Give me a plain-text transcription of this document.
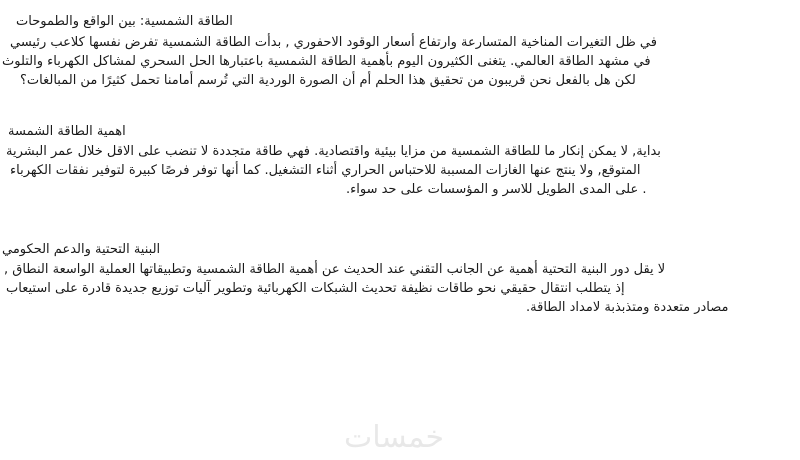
الطاقة الشمسية: بين الواقع والطموحات
في ظل التغيرات المناخية المتسارعة وارتفاع أسعار الوقود الاحفوري , بدأت الطاقة الشمسية تفرض نفسها كلاعب رئيسي
في مشهد الطاقة العالمي. يتغنى الكثيرون اليوم بأهمية الطاقة الشمسية باعتبارها الحل السحري لمشاكل الكهرباء والتلوث
لكن هل بالفعل نحن قريبون من تحقيق هذا الحلم أم أن الصورة الوردية التي تُرسم أمامنا تحمل كثيرًا من المبالغات؟
اهمية الطاقة الشمسة
بداية, لا يمكن إنكار ما للطاقة الشمسية من مزايا بيئية واقتصادية. فهي طاقة متجددة لا تنضب على الاقل خلال عمر البشرية
المتوقع, ولا ينتج عنها الغازات المسببة للاحتباس الحراري أثناء التشغيل. كما أنها توفر فرصًا كبيرة لتوفير نفقات الكهرباء
. على المدى الطويل للاسر و المؤسسات على حد سواء.
البنية التحتية والدعم الحكومي
لا يقل دور البنية التحتية أهمية عن الجانب التقني عند الحديث عن أهمية الطاقة الشمسية وتطبيقاتها العملية الواسعة النطاق ,
إذ يتطلب انتقال حقيقي نحو طاقات نظيفة تحديث الشبكات الكهربائية وتطوير آليات توزيع جديدة قادرة على استيعاب
مصادر متعددة ومتذبذبة لامداد الطاقة.
خمسات
